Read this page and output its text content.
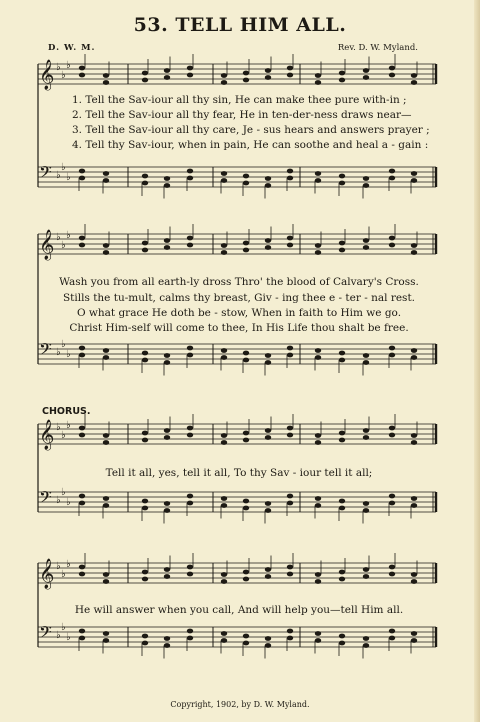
53. TELL HIM ALL.
D. W. M.	Rev. D. W. Myland.
𝄞 ♭
♭
♭
𝄢 ♭
♭
♭
𝄞 ♭
♭
♭
𝄢 ♭
♭
♭
𝄞 ♭
♭
♭
𝄢 ♭
♭
♭
𝄞 ♭
♭
♭
𝄢 ♭
♭
♭
1. Tell the Sav-iour all thy sin, He can make thee pure with-in ;
2. Tell the Sav-iour all thy fear, He in ten-der-ness draws near—
3. Tell the Sav-iour all thy care, Je - sus hears and answers prayer ;
4. Tell thy Sav-iour, when in pain, He can soothe and heal a - gain :
Wash you from all earth-ly dross Thro' the blood of Calvary's Cross.
Stills the tu-mult, calms thy breast, Giv - ing thee e - ter - nal rest.
O what grace He doth be - stow, When in faith to Him we go.
Christ Him-self will come to thee, In His Life thou shalt be free.
CHORUS.
Tell it all, yes, tell it all, To thy Sav - iour tell it all;
He will answer when you call, And will help you—tell Him all.
Copyright, 1902, by D. W. Myland.
